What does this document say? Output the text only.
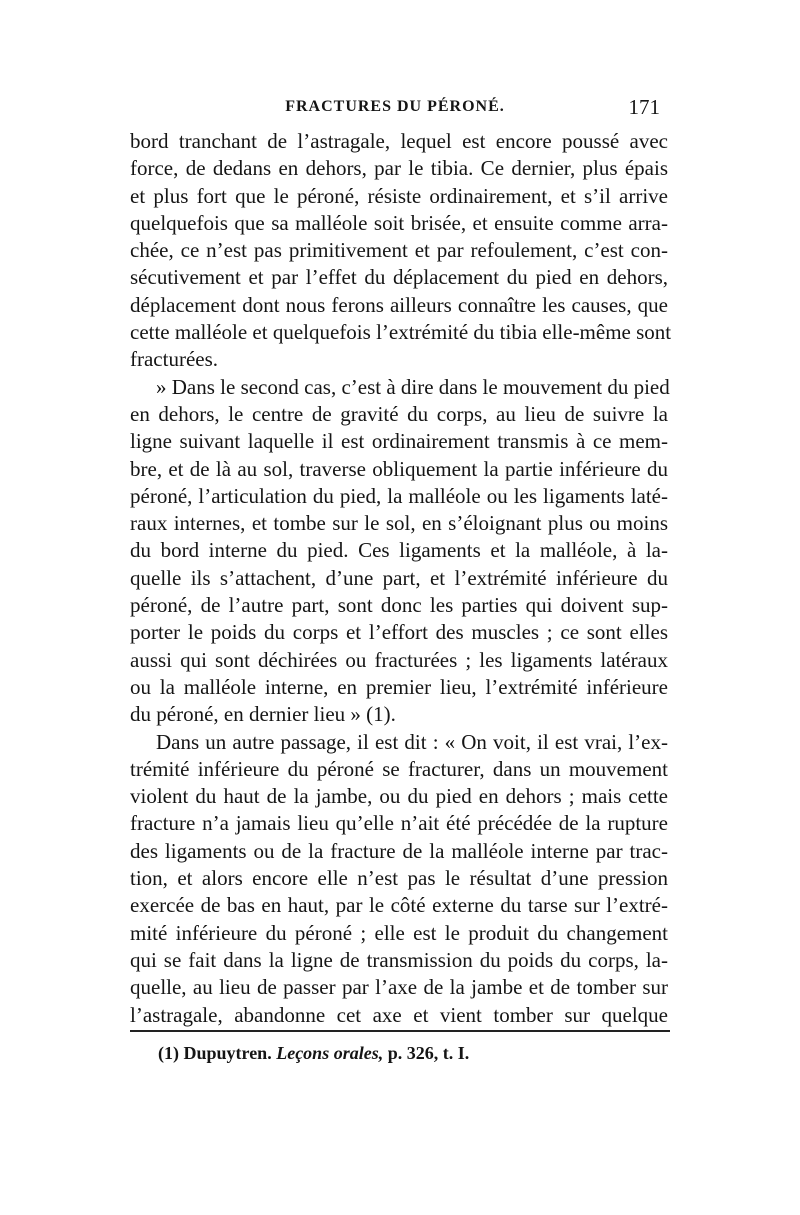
FRACTURES DU PÉRONÉ.	171
bord tranchant de l’astragale, lequel est encore poussé avec
force, de dedans en dehors, par le tibia. Ce dernier, plus épais
et plus fort que le péroné, résiste ordinairement, et s’il arrive
quelquefois que sa malléole soit brisée, et ensuite comme arra-
chée, ce n’est pas primitivement et par refoulement, c’est con-
sécutivement et par l’effet du déplacement du pied en dehors,
déplacement dont nous ferons ailleurs connaître les causes, que
cette malléole et quelquefois l’extrémité du tibia elle-même sont
fracturées.
» Dans le second cas, c’est à dire dans le mouvement du pied
en dehors, le centre de gravité du corps, au lieu de suivre la
ligne suivant laquelle il est ordinairement transmis à ce mem-
bre, et de là au sol, traverse obliquement la partie inférieure du
péroné, l’articulation du pied, la malléole ou les ligaments laté-
raux internes, et tombe sur le sol, en s’éloignant plus ou moins
du bord interne du pied. Ces ligaments et la malléole, à la-
quelle ils s’attachent, d’une part, et l’extrémité inférieure du
péroné, de l’autre part, sont donc les parties qui doivent sup-
porter le poids du corps et l’effort des muscles ; ce sont elles
aussi qui sont déchirées ou fracturées ; les ligaments latéraux
ou la malléole interne, en premier lieu, l’extrémité inférieure
du péroné, en dernier lieu » (1).
Dans un autre passage, il est dit : « On voit, il est vrai, l’ex-
trémité inférieure du péroné se fracturer, dans un mouvement
violent du haut de la jambe, ou du pied en dehors ; mais cette
fracture n’a jamais lieu qu’elle n’ait été précédée de la rupture
des ligaments ou de la fracture de la malléole interne par trac-
tion, et alors encore elle n’est pas le résultat d’une pression
exercée de bas en haut, par le côté externe du tarse sur l’extré-
mité inférieure du péroné ; elle est le produit du changement
qui se fait dans la ligne de transmission du poids du corps, la-
quelle, au lieu de passer par l’axe de la jambe et de tomber sur
l’astragale, abandonne cet axe et vient tomber sur quelque
(1) Dupuytren. Leçons orales, p. 326, t. I.
